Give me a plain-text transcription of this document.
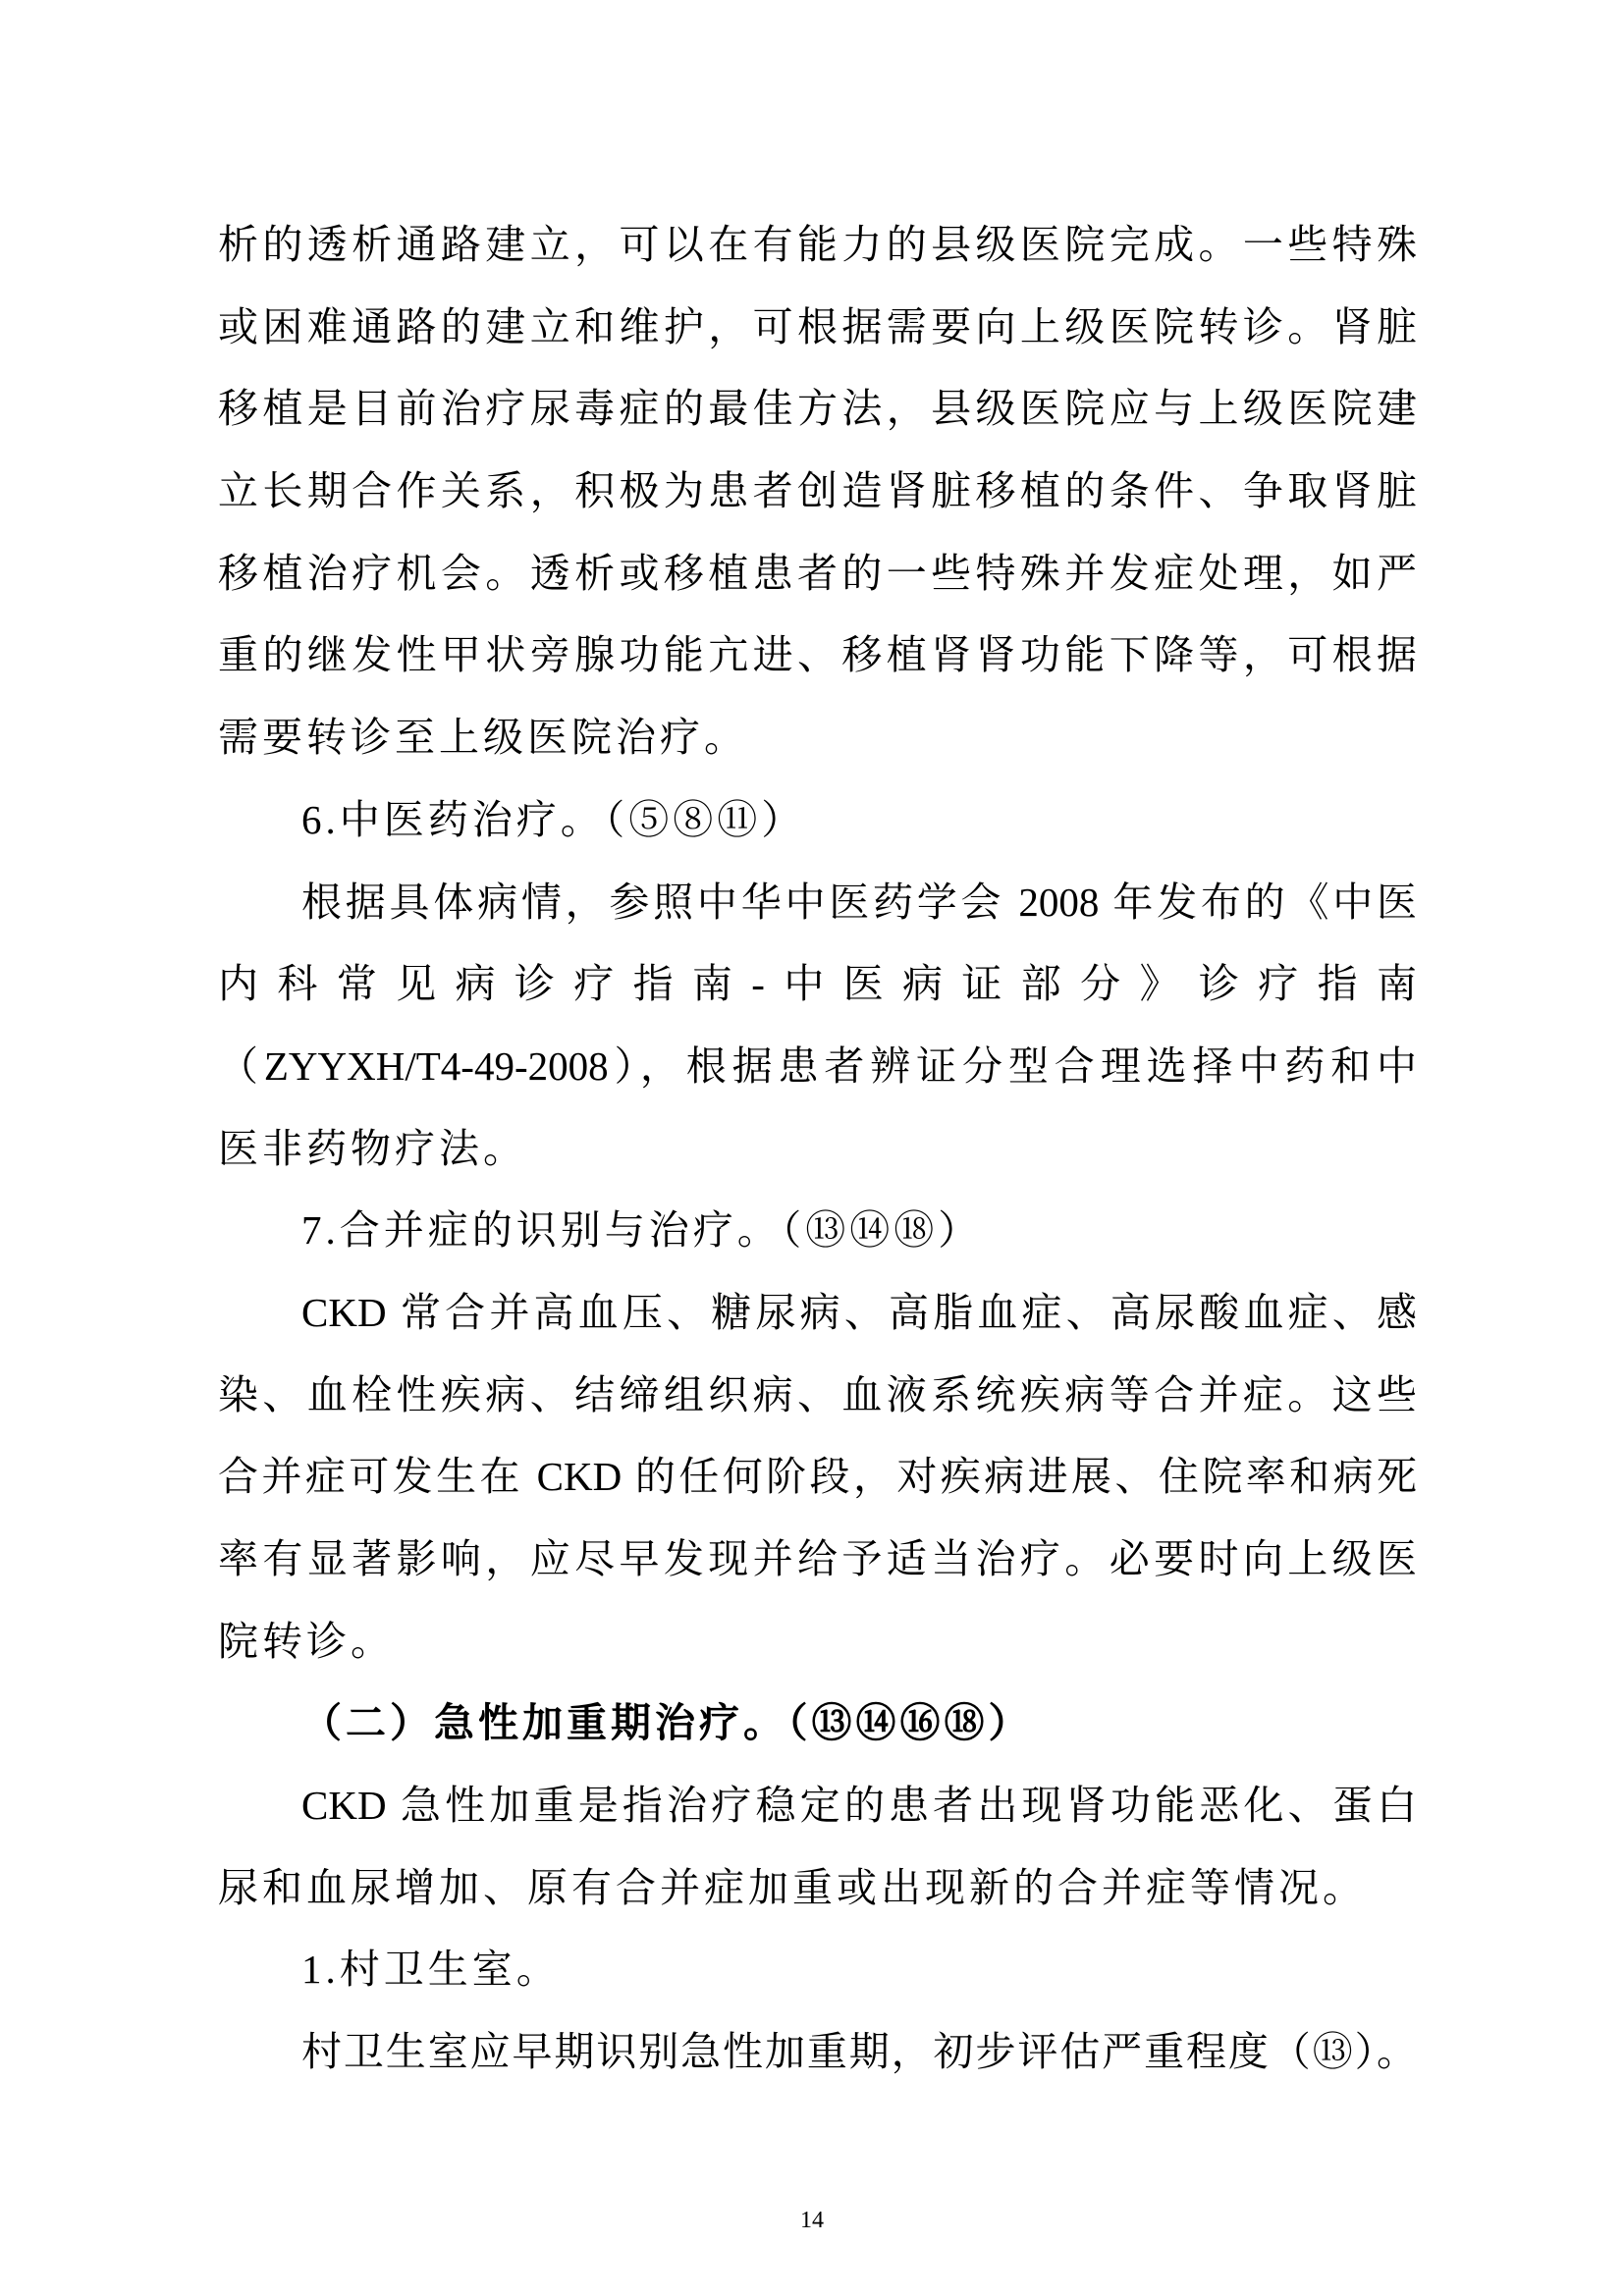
析的透析通路建立，可以在有能力的县级医院完成。一些特殊
或困难通路的建立和维护，可根据需要向上级医院转诊。肾脏
移植是目前治疗尿毒症的最佳方法，县级医院应与上级医院建
立长期合作关系，积极为患者创造肾脏移植的条件、争取肾脏
移植治疗机会。透析或移植患者的一些特殊并发症处理，如严
重的继发性甲状旁腺功能亢进、移植肾肾功能下降等，可根据
需要转诊至上级医院治疗。
6.中医药治疗。（⑤⑧⑪）
根据具体病情，参照中华中医药学会 2008 年发布的《中医
内科常见病诊疗指南-中医病证部分》诊疗指南
（ZYYXH/T4-49-2008），根据患者辨证分型合理选择中药和中
医非药物疗法。
7.合并症的识别与治疗。（⑬⑭⑱）
CKD 常合并高血压、糖尿病、高脂血症、高尿酸血症、感
染、血栓性疾病、结缔组织病、血液系统疾病等合并症。这些
合并症可发生在 CKD 的任何阶段，对疾病进展、住院率和病死
率有显著影响，应尽早发现并给予适当治疗。必要时向上级医
院转诊。
（二）急性加重期治疗。（⑬⑭⑯⑱）
CKD 急性加重是指治疗稳定的患者出现肾功能恶化、蛋白
尿和血尿增加、原有合并症加重或出现新的合并症等情况。
1.村卫生室。
村卫生室应早期识别急性加重期，初步评估严重程度（⑬）。
14
